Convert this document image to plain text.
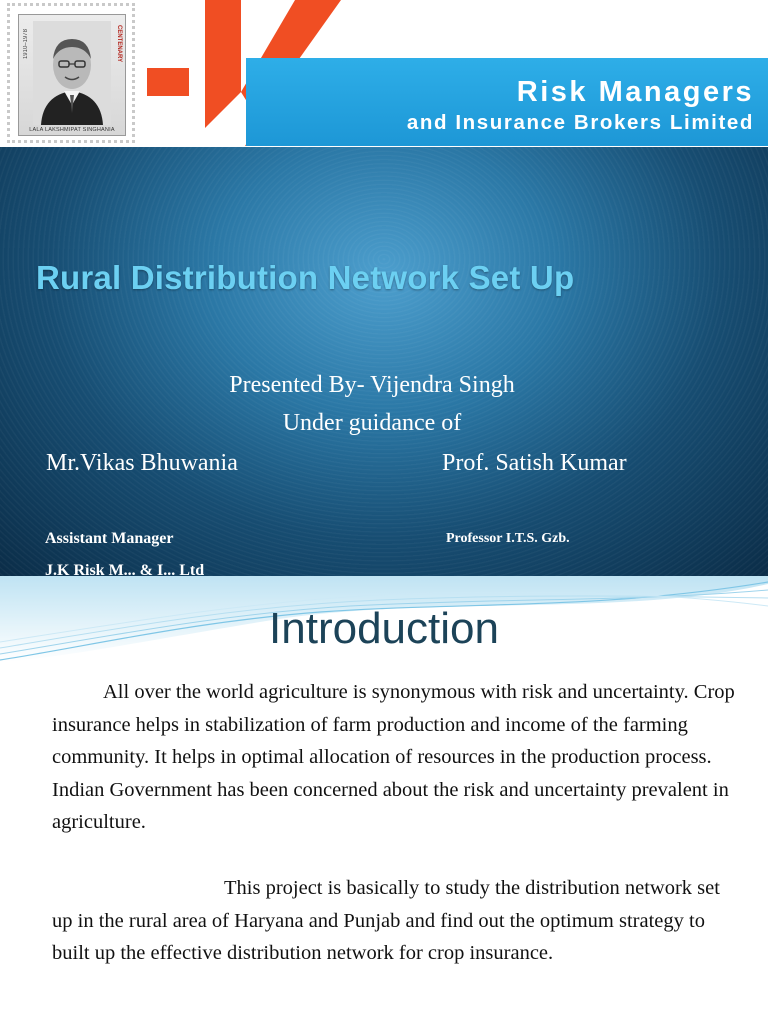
1910–1978	CENTENARY
LALA LAKSHMIPAT SINGHANIA
Risk Managers
and Insurance Brokers Limited
Rural Distribution Network Set Up
Presented By- Vijendra Singh
Under guidance of
Mr.Vikas Bhuwania	Prof. Satish Kumar
Assistant Manager	Professor I.T.S. Gzb.
J.K Risk M... & I... Ltd
Introduction

All over the world agriculture is synonymous with risk and uncertainty. Crop insurance helps in stabilization of farm production and income of the farming community. It helps in optimal allocation of resources in the production process. Indian Government has been concerned about the risk and uncertainty prevalent in agriculture.

This project is basically to study the distribution network set up in the rural area of Haryana and Punjab and find out the optimum strategy to built up the effective distribution network for crop insurance.
